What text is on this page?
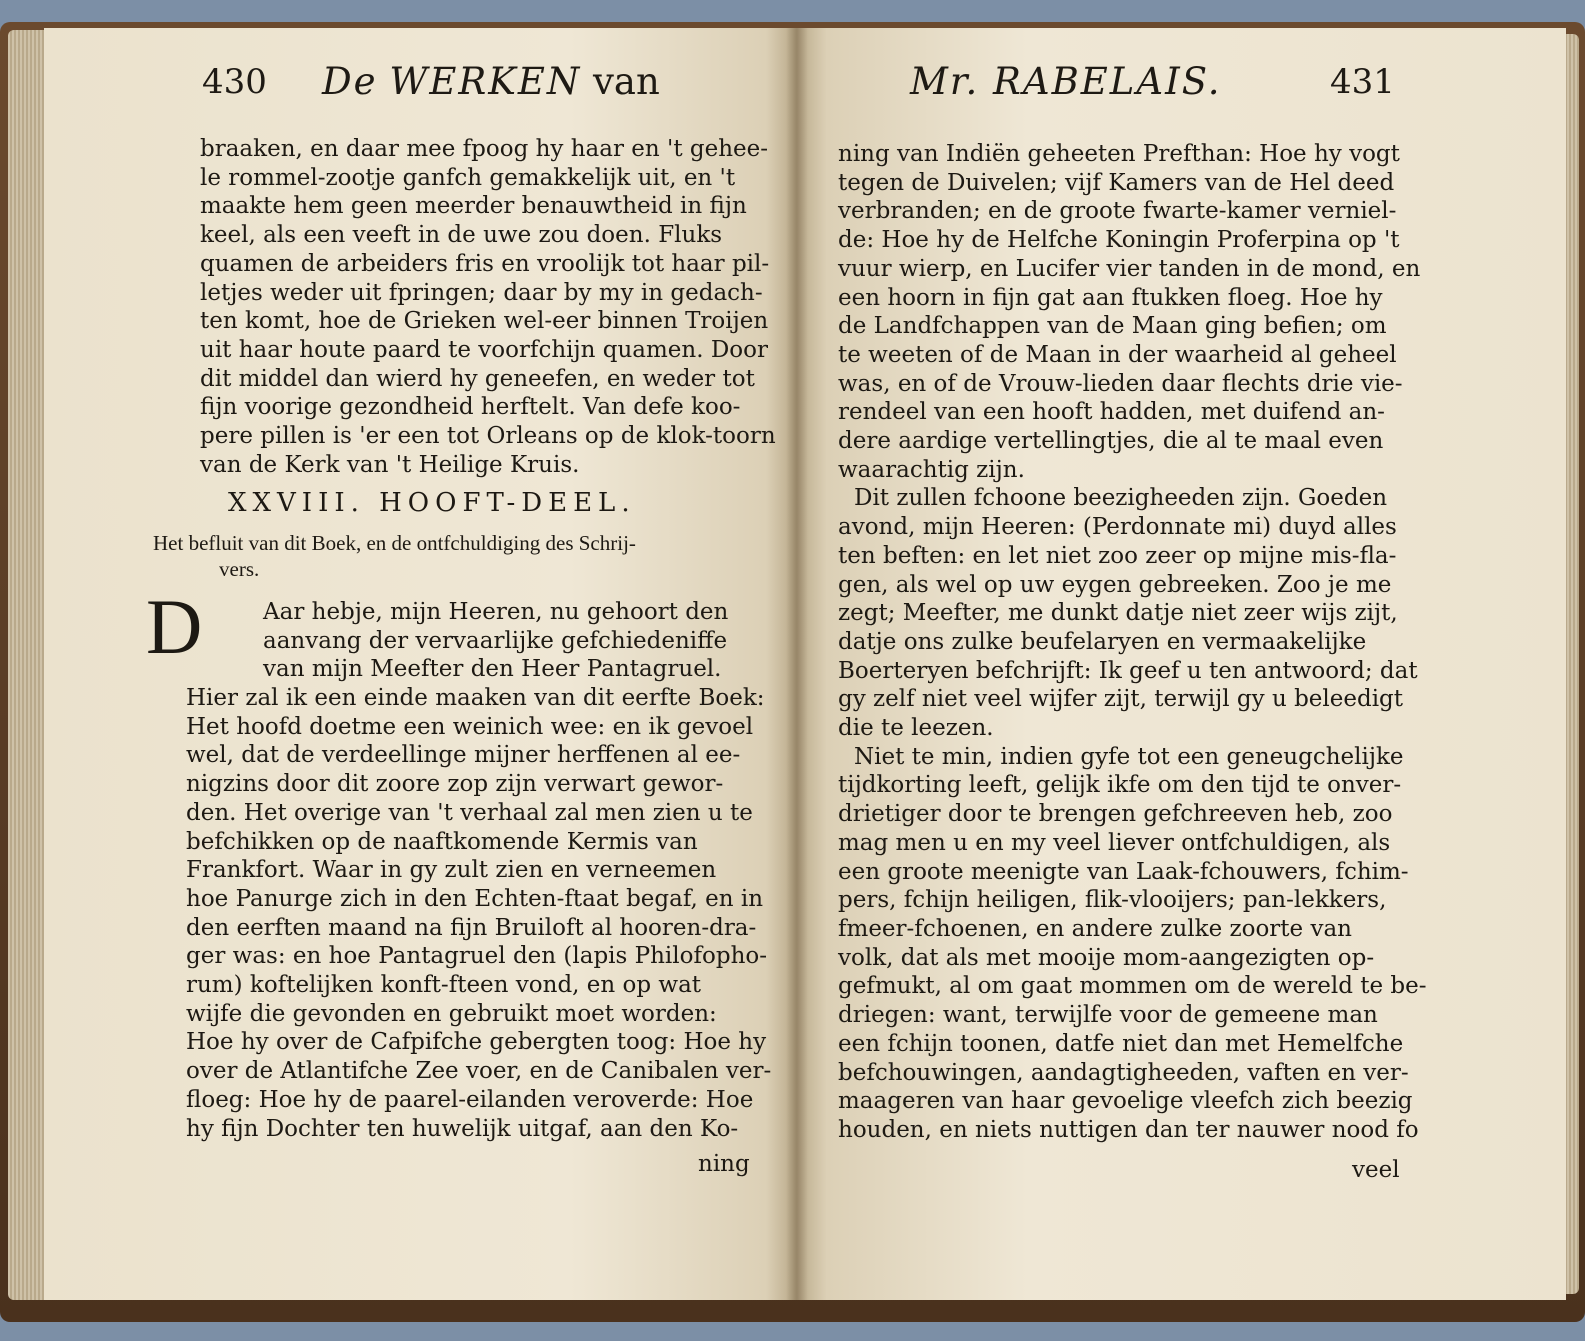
430 De WERKEN van
braaken, en daar mee fpoog hy haar en 't gehee-
le rommel-zootje ganfch gemakkelijk uit, en 't
maakte hem geen meerder benauwtheid in fijn
keel, als een veeft in de uwe zou doen. Fluks
quamen de arbeiders fris en vroolijk tot haar pil-
letjes weder uit fpringen; daar by my in gedach-
ten komt, hoe de Grieken wel-eer binnen Troijen
uit haar houte paard te voorfchijn quamen. Door
dit middel dan wierd hy geneefen, en weder tot
fijn voorige gezondheid herftelt. Van defe koo-
pere pillen is 'er een tot Orleans op de klok-toorn
van de Kerk van 't Heilige Kruis.
XXVIII. HOOFT-DEEL.
Het befluit van dit Boek, en de ontfchuldiging des Schrij-
vers.
D	Aar hebje, mijn Heeren, nu gehoort den
aanvang der vervaarlijke gefchiedeniffe
van mijn Meefter den Heer Pantagruel.
Hier zal ik een einde maaken van dit eerfte Boek:
Het hoofd doetme een weinich wee: en ik gevoel
wel, dat de verdeellinge mijner herffenen al ee-
nigzins door dit zoore zop zijn verwart gewor-
den. Het overige van 't verhaal zal men zien u te
befchikken op de naaftkomende Kermis van
Frankfort. Waar in gy zult zien en verneemen
hoe Panurge zich in den Echten-ftaat begaf, en in
den eerften maand na fijn Bruiloft al hooren-dra-
ger was: en hoe Pantagruel den (lapis Philofopho-
rum) koftelijken konft-fteen vond, en op wat
wijfe die gevonden en gebruikt moet worden:
Hoe hy over de Cafpifche gebergten toog: Hoe hy
over de Atlantifche Zee voer, en de Canibalen ver-
floeg: Hoe hy de paarel-eilanden veroverde: Hoe
hy fijn Dochter ten huwelijk uitgaf, aan den Ko-
ning
Mr. RABELAIS.	431
ning van Indiën geheeten Prefthan: Hoe hy vogt
tegen de Duivelen; vijf Kamers van de Hel deed
verbranden; en de groote fwarte-kamer verniel-
de: Hoe hy de Helfche Koningin Proferpina op 't
vuur wierp, en Lucifer vier tanden in de mond, en
een hoorn in fijn gat aan ftukken floeg. Hoe hy
de Landfchappen van de Maan ging befien; om
te weeten of de Maan in der waarheid al geheel
was, en of de Vrouw-lieden daar flechts drie vie-
rendeel van een hooft hadden, met duifend an-
dere aardige vertellingtjes, die al te maal even
waarachtig zijn.
Dit zullen fchoone beezigheeden zijn. Goeden
avond, mijn Heeren: (Perdonnate mi) duyd alles
ten beften: en let niet zoo zeer op mijne mis-fla-
gen, als wel op uw eygen gebreeken. Zoo je me
zegt; Meefter, me dunkt datje niet zeer wijs zijt,
datje ons zulke beufelaryen en vermaakelijke
Boerteryen befchrijft: Ik geef u ten antwoord; dat
gy zelf niet veel wijfer zijt, terwijl gy u beleedigt
die te leezen.
Niet te min, indien gyfe tot een geneugchelijke
tijdkorting leeft, gelijk ikfe om den tijd te onver-
drietiger door te brengen gefchreeven heb, zoo
mag men u en my veel liever ontfchuldigen, als
een groote meenigte van Laak-fchouwers, fchim-
pers, fchijn heiligen, flik-vlooijers; pan-lekkers,
fmeer-fchoenen, en andere zulke zoorte van
volk, dat als met mooije mom-aangezigten op-
gefmukt, al om gaat mommen om de wereld te be-
driegen: want, terwijlfe voor de gemeene man
een fchijn toonen, datfe niet dan met Hemelfche
befchouwingen, aandagtigheeden, vaften en ver-
maageren van haar gevoelige vleefch zich beezig
houden, en niets nuttigen dan ter nauwer nood fo
veel
